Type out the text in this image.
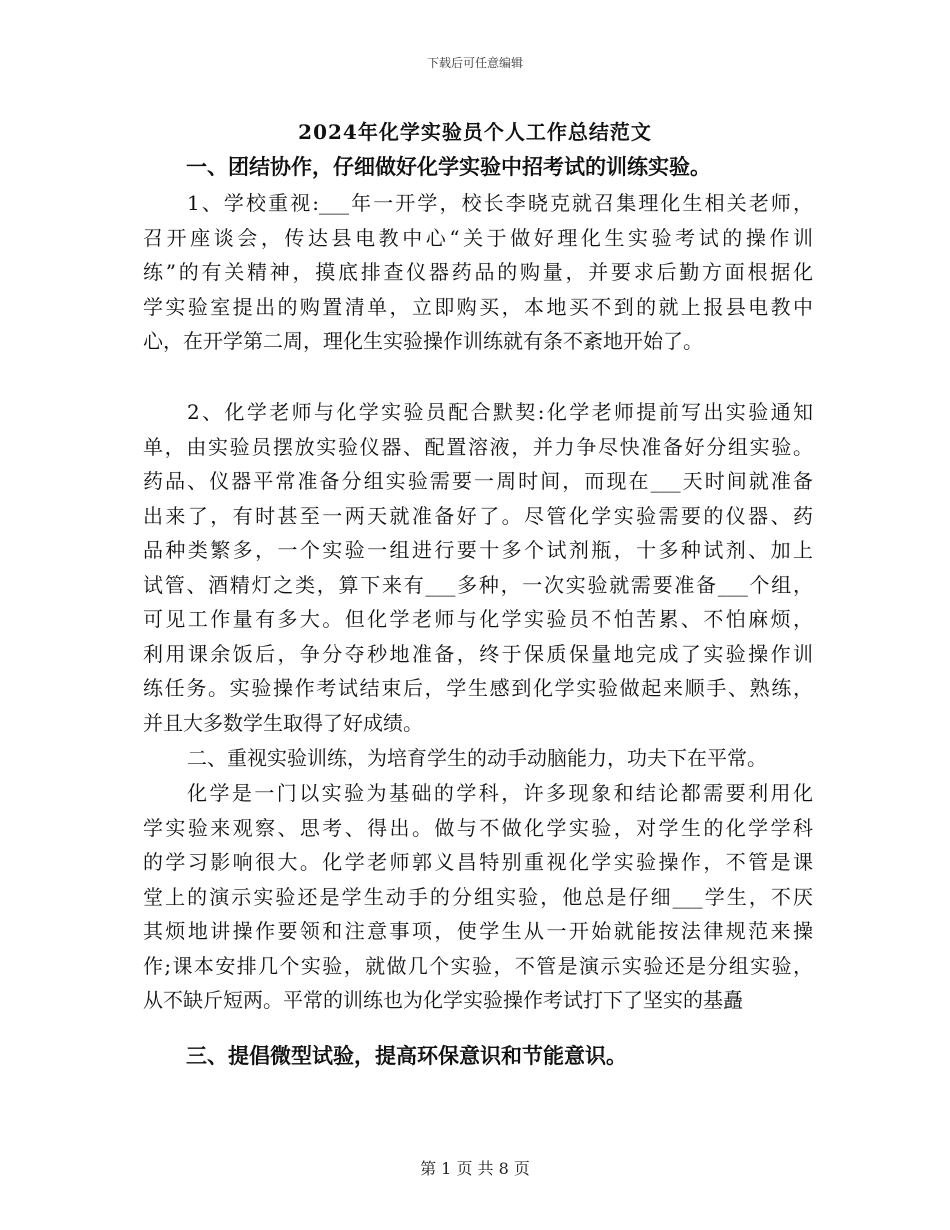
下载后可任意编辑
2024年化学实验员个人工作总结范文
一、团结协作，仔细做好化学实验中招考试的训练实验。
1、学校重视:___年一开学，校长李晓克就召集理化生相关老师，
召开座谈会，传达县电教中心“关于做好理化生实验考试的操作训
练”的有关精神，摸底排查仪器药品的购量，并要求后勤方面根据化
学实验室提出的购置清单，立即购买，本地买不到的就上报县电教中
心，在开学第二周，理化生实验操作训练就有条不紊地开始了。
2、化学老师与化学实验员配合默契:化学老师提前写出实验通知
单，由实验员摆放实验仪器、配置溶液，并力争尽快准备好分组实验。
药品、仪器平常准备分组实验需要一周时间，而现在___天时间就准备
出来了，有时甚至一两天就准备好了。尽管化学实验需要的仪器、药
品种类繁多，一个实验一组进行要十多个试剂瓶，十多种试剂、加上
试管、酒精灯之类，算下来有___多种，一次实验就需要准备___个组，
可见工作量有多大。但化学老师与化学实验员不怕苦累、不怕麻烦，
利用课余饭后，争分夺秒地准备，终于保质保量地完成了实验操作训
练任务。实验操作考试结束后，学生感到化学实验做起来顺手、熟练，
并且大多数学生取得了好成绩。
二、重视实验训练，为培育学生的动手动脑能力，功夫下在平常。
化学是一门以实验为基础的学科，许多现象和结论都需要利用化
学实验来观察、思考、得出。做与不做化学实验，对学生的化学学科
的学习影响很大。化学老师郭义昌特别重视化学实验操作，不管是课
堂上的演示实验还是学生动手的分组实验，他总是仔细___学生，不厌
其烦地讲操作要领和注意事项，使学生从一开始就能按法律规范来操
作;课本安排几个实验，就做几个实验，不管是演示实验还是分组实验，
从不缺斤短两。平常的训练也为化学实验操作考试打下了坚实的基矗
三、提倡微型试验，提高环保意识和节能意识。
第 1 页 共 8 页
